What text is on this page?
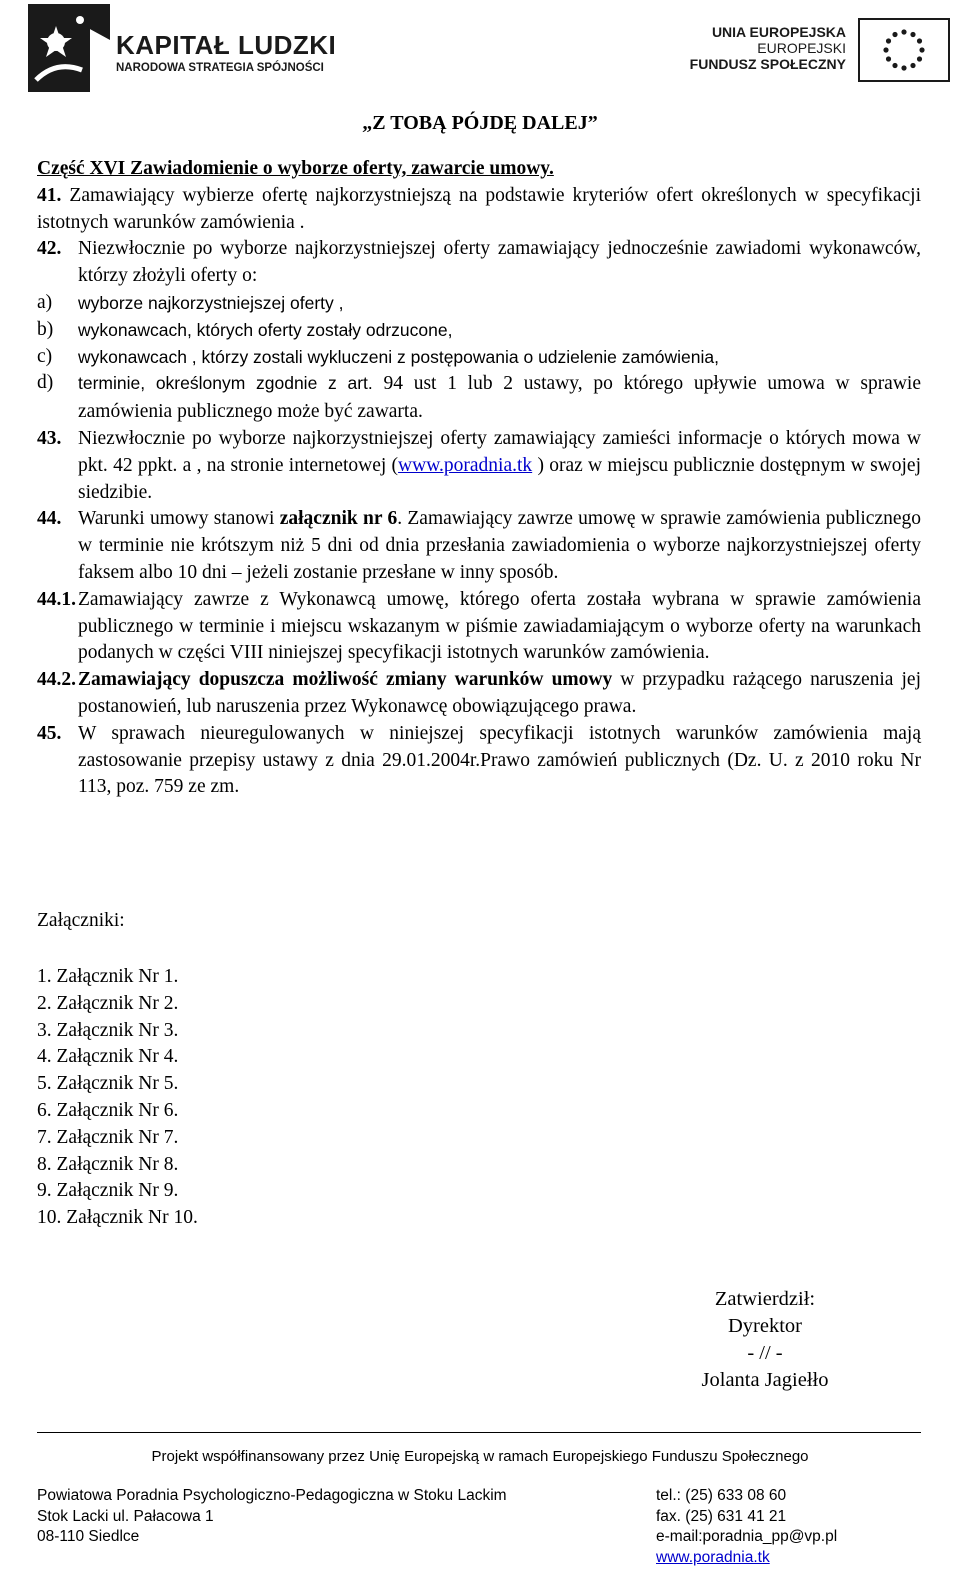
KAPITAŁ LUDZKI
NARODOWA STRATEGIA SPÓJNOŚCI
UNIA EUROPEJSKA
EUROPEJSKI
FUNDUSZ SPOŁECZNY
„Z TOBĄ PÓJDĘ DALEJ”

Część XVI Zawiadomienie o wyborze oferty, zawarcie umowy.

41. Zamawiający wybierze ofertę najkorzystniejszą na podstawie kryteriów ofert określonych w specyfikacji istotnych warunków zamówienia .

42. Niezwłocznie po wyborze najkorzystniejszej oferty zamawiający jednocześnie zawiadomi wykonawców, którzy złożyli oferty o:

a) wyborze najkorzystniejszej oferty ,

b) wykonawcach, których oferty zostały odrzucone,

c) wykonawcach , którzy zostali wykluczeni z postępowania o udzielenie zamówienia,

d) terminie, określonym zgodnie z art. 94 ust 1 lub 2 ustawy, po którego upływie umowa w sprawie zamówienia publicznego może być zawarta.

43. Niezwłocznie po wyborze najkorzystniejszej oferty zamawiający zamieści informacje o których mowa w pkt. 42 ppkt. a , na stronie internetowej (www.poradnia.tk ) oraz w miejscu publicznie dostępnym w swojej siedzibie.

44. Warunki umowy stanowi załącznik nr 6. Zamawiający zawrze umowę w sprawie zamówienia publicznego w terminie nie krótszym niż 5 dni od dnia przesłania zawiadomienia o wyborze najkorzystniejszej oferty faksem albo 10 dni – jeżeli zostanie przesłane w inny sposób.

44.1. Zamawiający zawrze z Wykonawcą umowę, którego oferta została wybrana w sprawie zamówienia publicznego w terminie i miejscu wskazanym w piśmie zawiadamiającym o wyborze oferty na warunkach podanych w części VIII niniejszej specyfikacji istotnych warunków zamówienia.

44.2. Zamawiający dopuszcza możliwość zmiany warunków umowy w przypadku rażącego naruszenia jej postanowień, lub naruszenia przez Wykonawcę obowiązującego prawa.

45. W sprawach nieuregulowanych w niniejszej specyfikacji istotnych warunków zamówienia mają zastosowanie przepisy ustawy z dnia 29.01.2004r.Prawo zamówień publicznych (Dz. U. z 2010 roku Nr 113, poz. 759 ze zm.

Załączniki:
1. Załącznik Nr 1.
2. Załącznik Nr 2.
3. Załącznik Nr 3.
4. Załącznik Nr 4.
5. Załącznik Nr 5.
6. Załącznik Nr 6.
7. Załącznik Nr 7.
8. Załącznik Nr 8.
9. Załącznik Nr 9.
10. Załącznik Nr 10.
Zatwierdził:
Dyrektor
- // -
Jolanta Jagiełło
Projekt współfinansowany przez Unię Europejską w ramach Europejskiego Funduszu Społecznego
Powiatowa Poradnia Psychologiczno-Pedagogiczna w Stoku Lackim
Stok Lacki ul. Pałacowa 1
08-110 Siedlce
tel.: (25) 633 08 60
fax. (25) 631 41 21
e-mail:poradnia_pp@vp.pl
www.poradnia.tk
